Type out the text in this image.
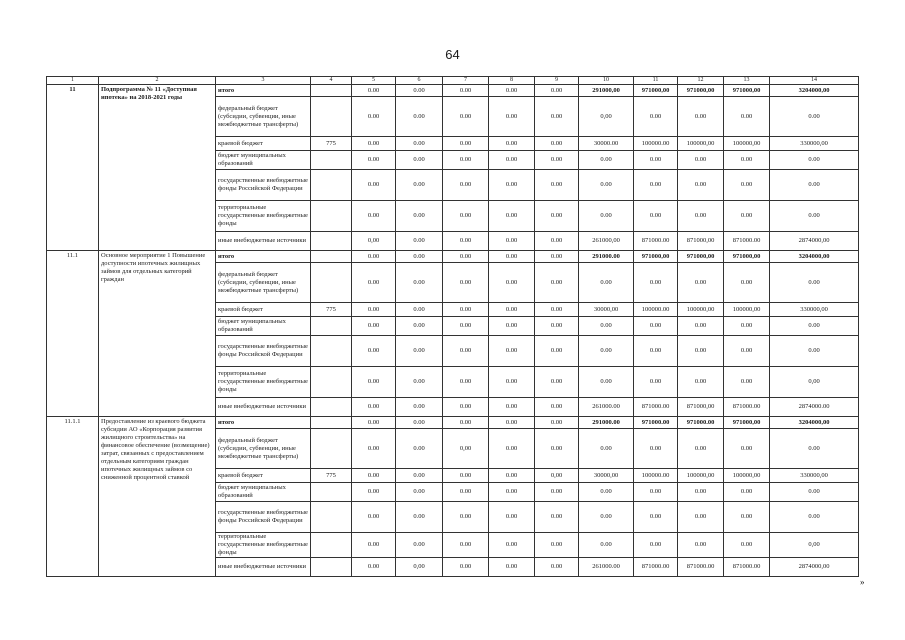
64
1	2	3	4	5	6	7	8	9	10	11	12	13	14
11	Подпрограмма № 11 «Доступная ипотека» на 2018-2021 годы	итого		0.00	0.00	0.00	0.00	0.00	291000,00	971000,00	971000,00	971000,00	3204000,00
		федеральный бюджет (субсидии, субвенции, иные межбюджетные трансферты)		0.00	0.00	0.00	0.00	0.00	0,00	0.00	0.00	0.00	0.00
		краевой бюджет	775	0.00	0.00	0.00	0.00	0.00	30000.00	100000.00	100000,00	100000,00	330000,00
		бюджет муниципальных образований		0.00	0.00	0.00	0.00	0.00	0.00	0.00	0.00	0.00	0.00
		государственные внебюджетные фонды Российской Федерации		0.00	0.00	0.00	0.00	0.00	0.00	0.00	0.00	0.00	0.00
		территориальные государственные внебюджетные фонды		0.00	0.00	0.00	0.00	0.00	0.00	0.00	0.00	0.00	0.00
		иные внебюджетные источники		0,00	0.00	0.00	0.00	0.00	261000,00	871000.00	871000,00	871000.00	2874000,00
11.1	Основное мероприятие 1 Повышение доступности ипотечных жилищных займов для отдельных категорий граждан	итого		0.00	0.00	0.00	0.00	0.00	291000.00	971000,00	971000,00	971000,00	3204000,00
		федеральный бюджет (субсидии, субвенции, иные межбюджетные трансферты)		0.00	0.00	0.00	0.00	0.00	0.00	0.00	0.00	0.00	0.00
		краевой бюджет	775	0.00	0.00	0.00	0.00	0.00	30000,00	100000.00	100000,00	100000,00	330000,00
		бюджет муниципальных образований		0.00	0.00	0.00	0.00	0.00	0.00	0.00	0.00	0.00	0.00
		государственные внебюджетные фонды Российской Федерации		0.00	0.00	0.00	0.00	0.00	0.00	0.00	0.00	0.00	0.00
		территориальные государственные внебюджетные фонды		0.00	0.00	0.00	0.00	0.00	0.00	0.00	0.00	0.00	0,00
		иные внебюджетные источники		0.00	0.00	0.00	0.00	0.00	261000.00	871000.00	871000,00	871000.00	2874000.00
11.1.1	Предоставление из краевого бюджета субсидии АО «Корпорация развития жилищного строительства» на финансовое обеспечение (возмещение) затрат, связанных с предоставлением отдельным категориям граждан ипотечных жилищных займов со сниженной процентной ставкой	итого		0.00	0.00	0.00	0.00	0.00	291000.00	971000.00	971000.00	971000,00	3204000,00
		федеральный бюджет (субсидии, субвенции, иные межбюджетные трансферты)		0.00	0.00	0,00	0.00	0.00	0.00	0.00	0.00	0.00	0.00
		краевой бюджет	775	0.00	0.00	0.00	0.00	0,00	30000,00	100000.00	100000,00	100000,00	330000,00
		бюджет муниципальных образований		0.00	0.00	0.00	0.00	0.00	0.00	0.00	0.00	0.00	0.00
		государственные внебюджетные фонды Российской Федерации		0.00	0.00	0.00	0.00	0.00	0.00	0.00	0.00	0.00	0.00
		территориальные государственные внебюджетные фонды		0.00	0.00	0.00	0.00	0.00	0.00	0.00	0.00	0.00	0,00
		иные внебюджетные источники		0.00	0,00	0.00	0.00	0.00	261000.00	871000.00	871000.00	871000.00	2874000,00
»
